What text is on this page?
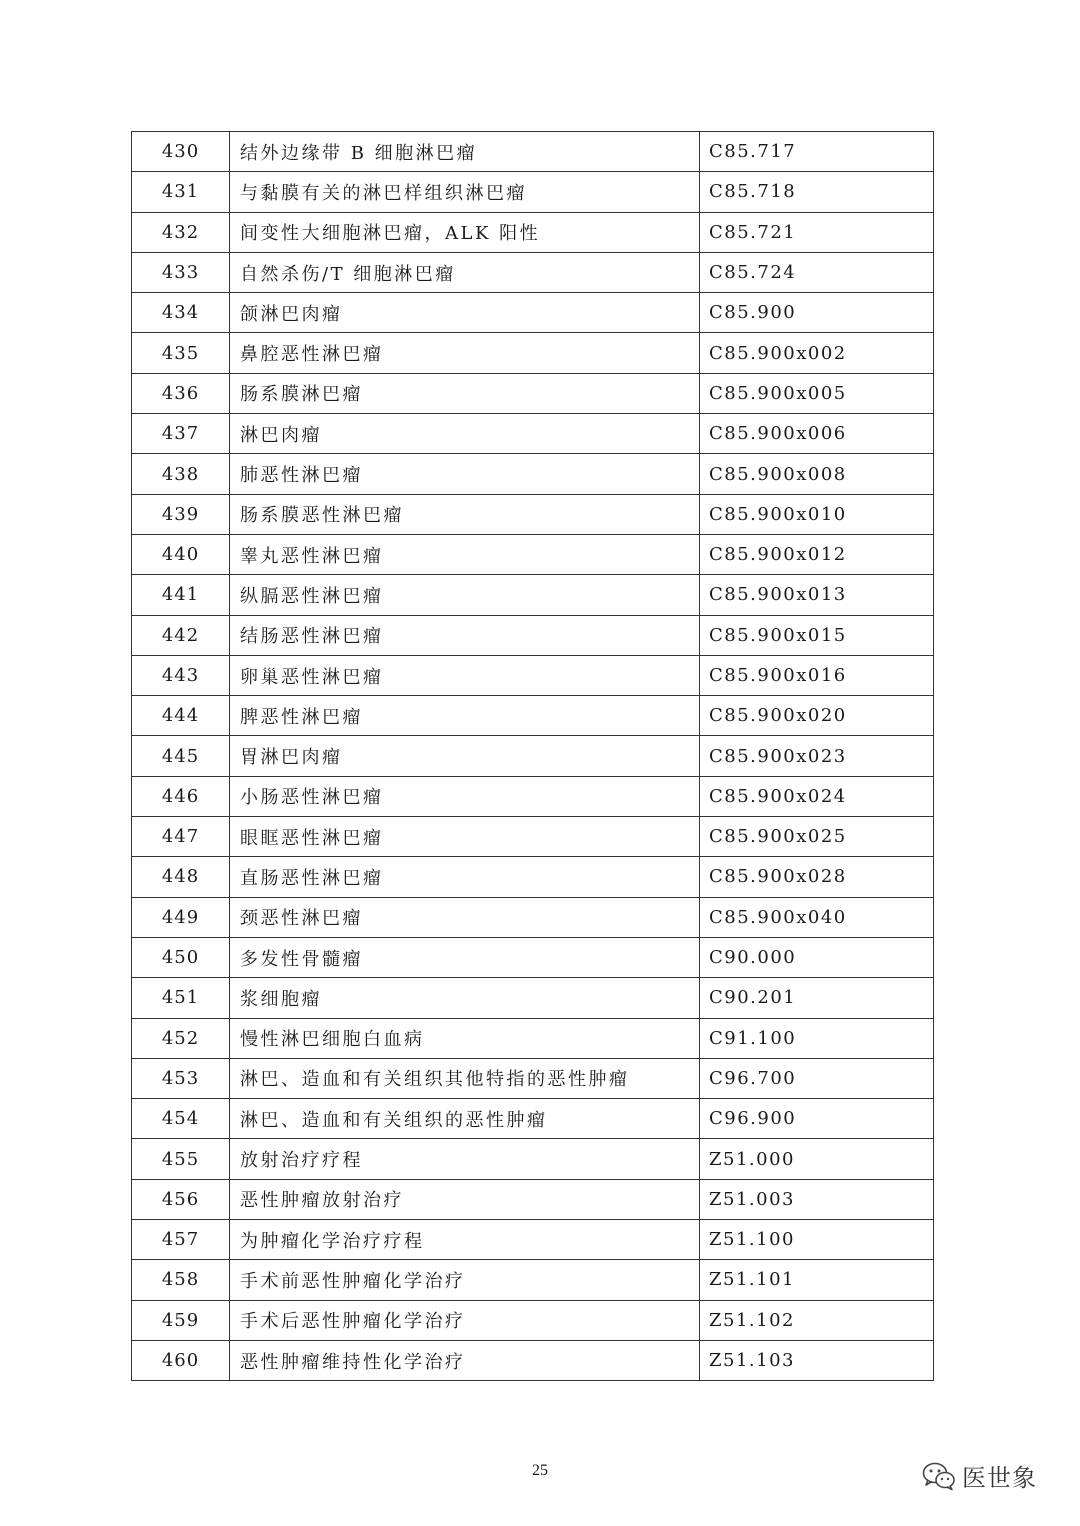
430	结外边缘带 B 细胞淋巴瘤	C85.717
431	与黏膜有关的淋巴样组织淋巴瘤	C85.718
432	间变性大细胞淋巴瘤，ALK 阳性	C85.721
433	自然杀伤/T 细胞淋巴瘤	C85.724
434	颌淋巴肉瘤	C85.900
435	鼻腔恶性淋巴瘤	C85.900x002
436	肠系膜淋巴瘤	C85.900x005
437	淋巴肉瘤	C85.900x006
438	肺恶性淋巴瘤	C85.900x008
439	肠系膜恶性淋巴瘤	C85.900x010
440	睾丸恶性淋巴瘤	C85.900x012
441	纵膈恶性淋巴瘤	C85.900x013
442	结肠恶性淋巴瘤	C85.900x015
443	卵巢恶性淋巴瘤	C85.900x016
444	脾恶性淋巴瘤	C85.900x020
445	胃淋巴肉瘤	C85.900x023
446	小肠恶性淋巴瘤	C85.900x024
447	眼眶恶性淋巴瘤	C85.900x025
448	直肠恶性淋巴瘤	C85.900x028
449	颈恶性淋巴瘤	C85.900x040
450	多发性骨髓瘤	C90.000
451	浆细胞瘤	C90.201
452	慢性淋巴细胞白血病	C91.100
453	淋巴、造血和有关组织其他特指的恶性肿瘤	C96.700
454	淋巴、造血和有关组织的恶性肿瘤	C96.900
455	放射治疗疗程	Z51.000
456	恶性肿瘤放射治疗	Z51.003
457	为肿瘤化学治疗疗程	Z51.100
458	手术前恶性肿瘤化学治疗	Z51.101
459	手术后恶性肿瘤化学治疗	Z51.102
460	恶性肿瘤维持性化学治疗	Z51.103
25	医世象
